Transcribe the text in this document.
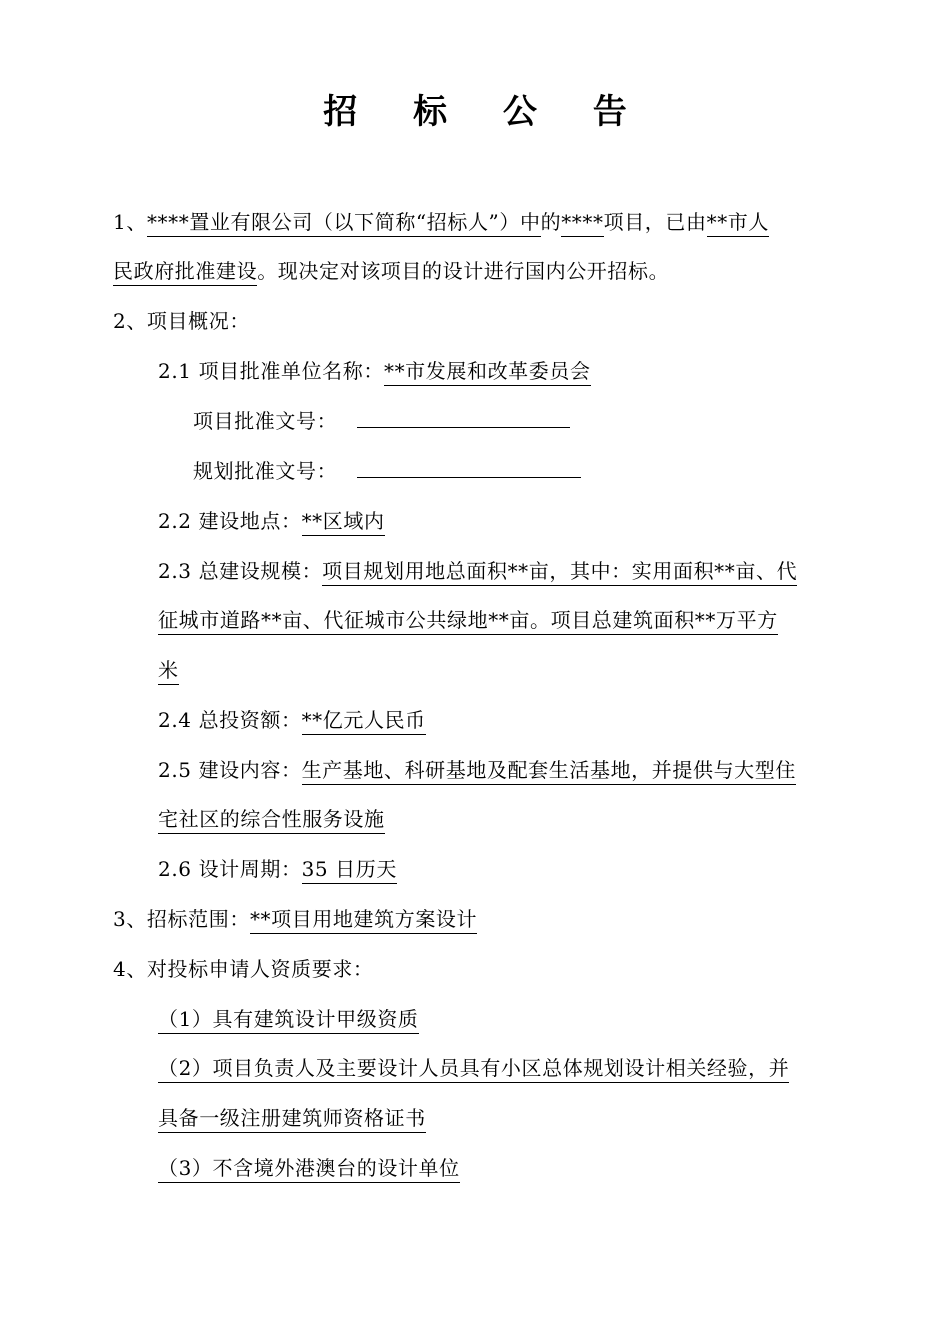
招 标 公 告
1、****置业有限公司（以下简称“招标人”）中的****项目，已由**市人
民政府批准建设。现决定对该项目的设计进行国内公开招标。
2、项目概况：
2.1 项目批准单位名称：**市发展和改革委员会
项目批准文号：
规划批准文号：
2.2 建设地点：**区域内
2.3 总建设规模：项目规划用地总面积**亩，其中：实用面积**亩、代
征城市道路**亩、代征城市公共绿地**亩。项目总建筑面积**万平方
米
2.4 总投资额：**亿元人民币
2.5 建设内容：生产基地、科研基地及配套生活基地，并提供与大型住
宅社区的综合性服务设施
2.6 设计周期：35 日历天
3、招标范围：**项目用地建筑方案设计
4、对投标申请人资质要求：
（1）具有建筑设计甲级资质
（2）项目负责人及主要设计人员具有小区总体规划设计相关经验，并
具备一级注册建筑师资格证书
（3）不含境外港澳台的设计单位
